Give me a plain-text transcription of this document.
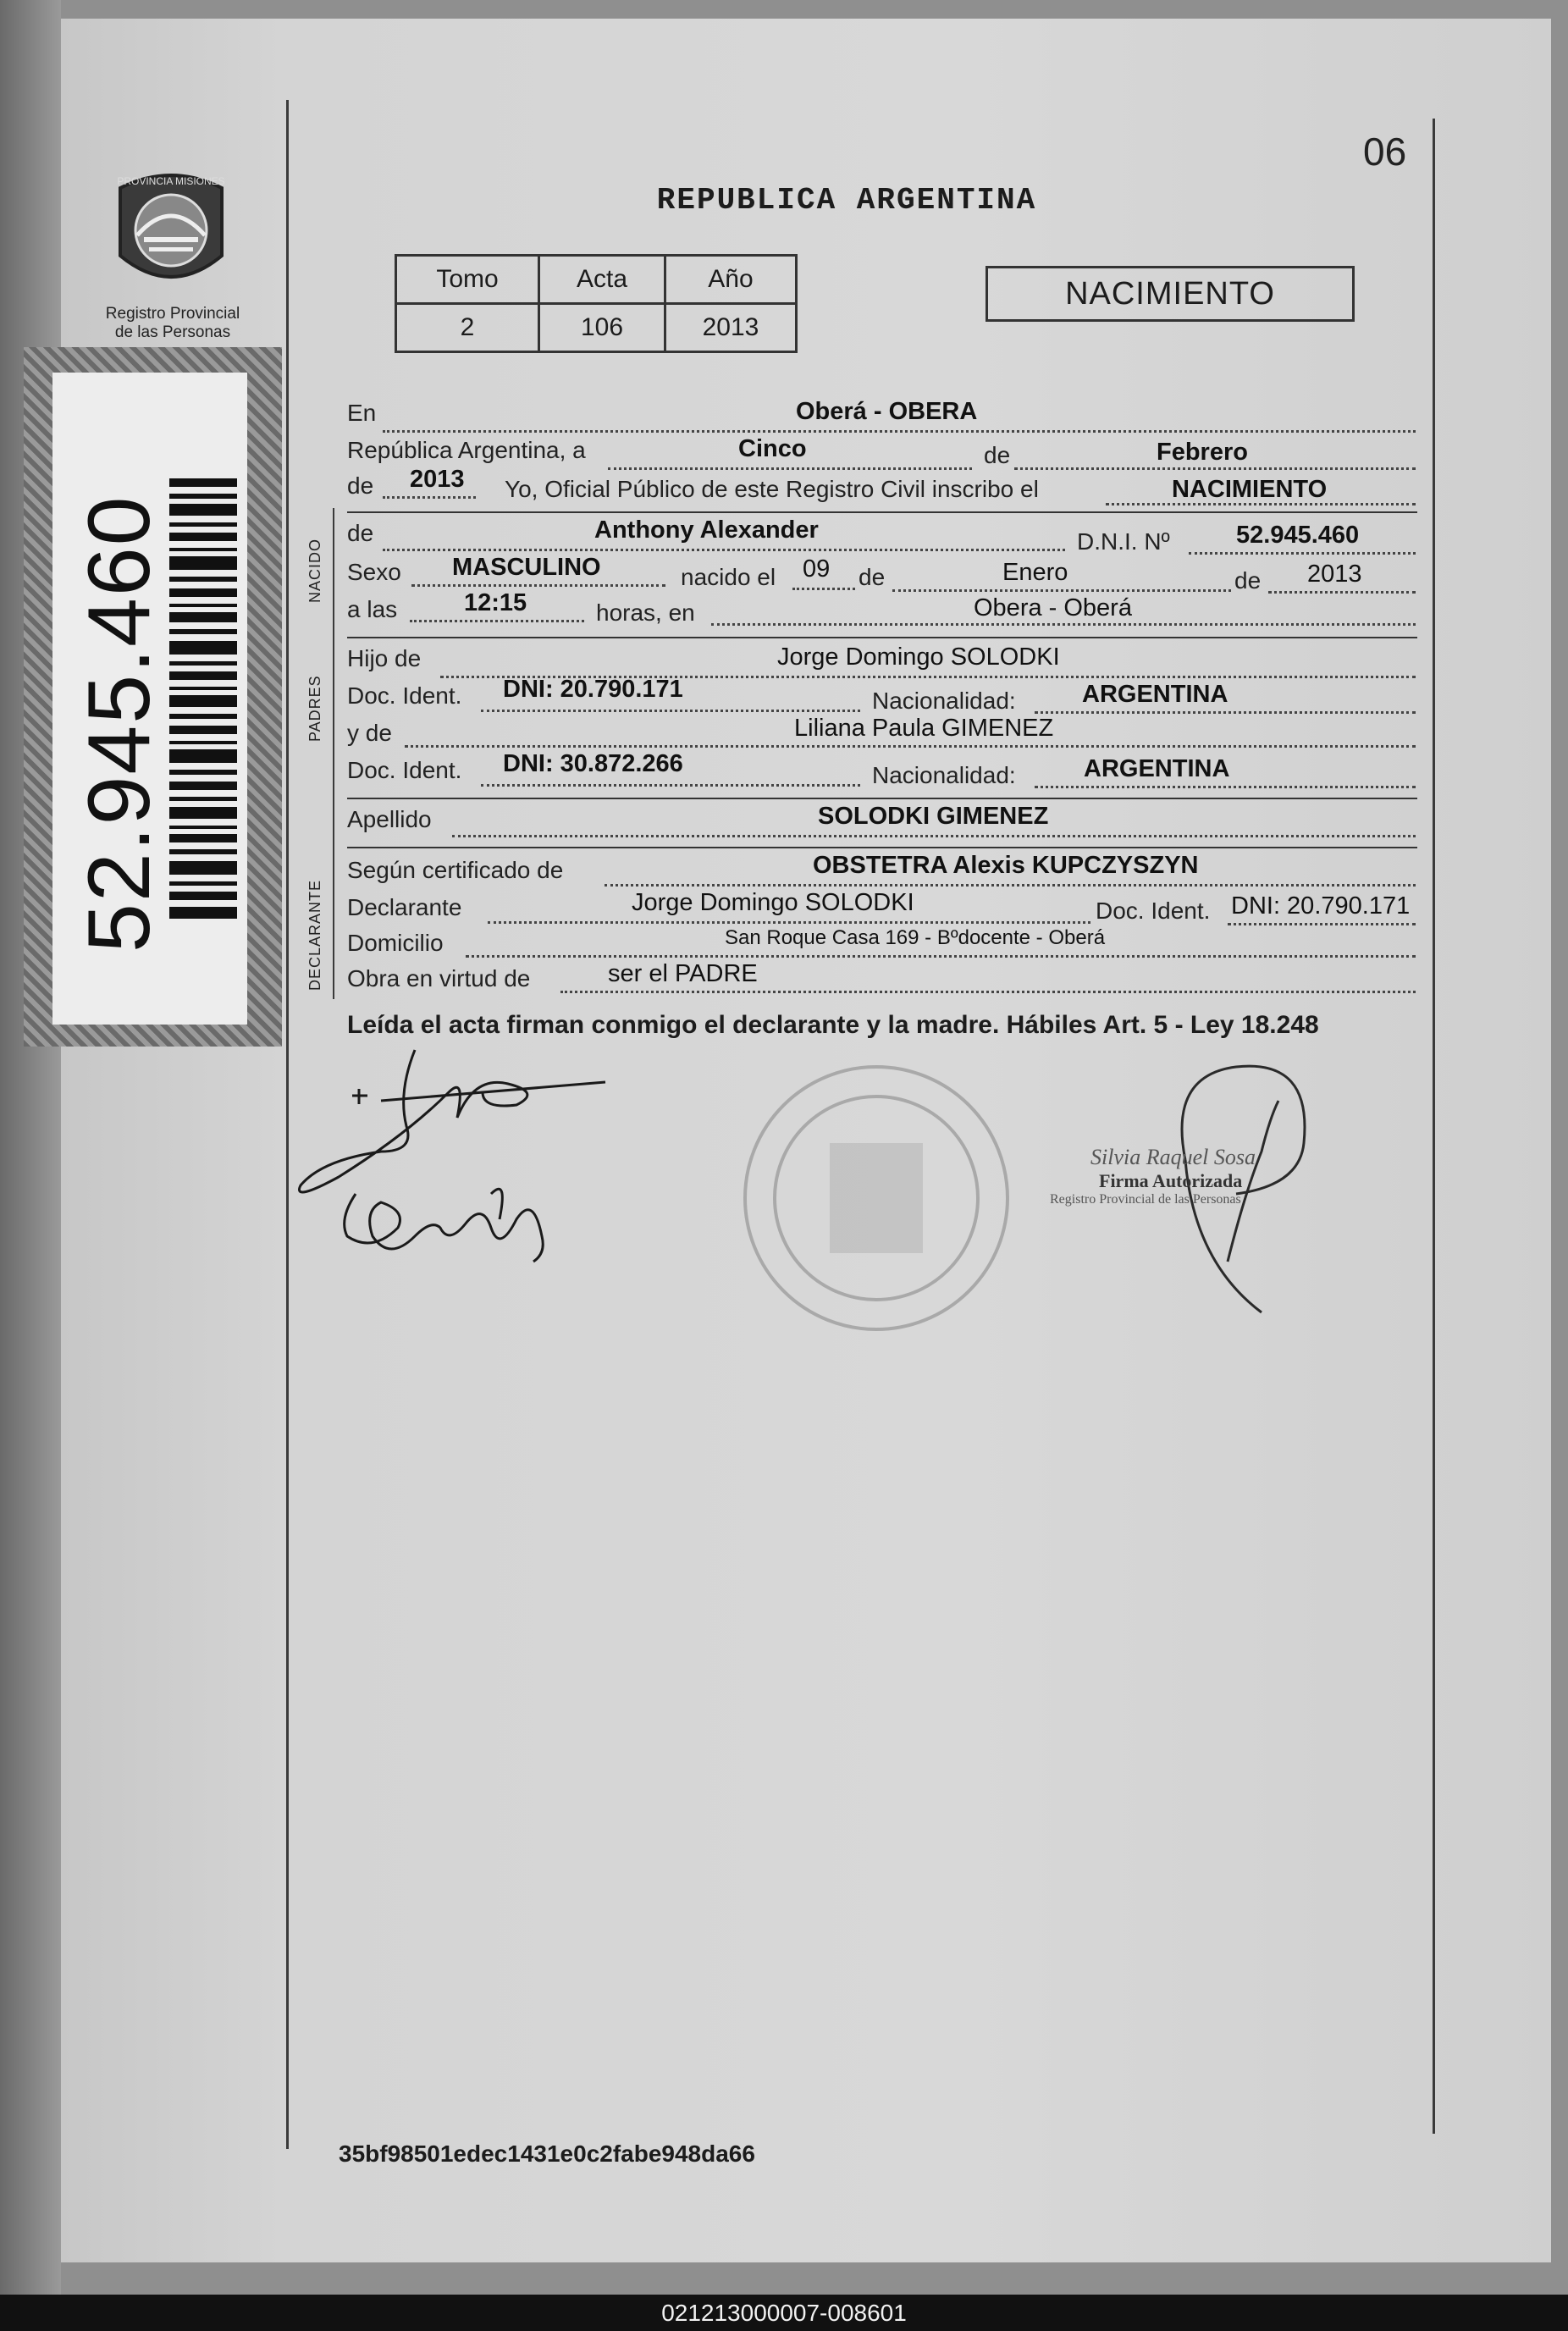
PROVINCIA MISIONES
Registro Provincial
de las Personas
52.945.460
06
REPUBLICA ARGENTINA
Tomo	Acta	Año
2	106	2013
NACIMIENTO
NACIDO
PADRES
DECLARANTE
En	Oberá - OBERA
República Argentina, a	Cinco	de	Febrero
de 2013 Yo, Oficial Público de este Registro Civil inscribo el	NACIMIENTO
de	Anthony Alexander	D.N.I. Nº	52.945.460
Sexo MASCULINO	nacido el 09 de	Enero	de 2013
a las	12:15	horas, en	Obera - Oberá
Hijo de	Jorge Domingo SOLODKI
Doc. Ident. DNI: 20.790.171	Nacionalidad:	ARGENTINA
y de	Liliana Paula GIMENEZ
Doc. Ident. DNI: 30.872.266	Nacionalidad:	ARGENTINA
Apellido	SOLODKI GIMENEZ
Según certificado de	OBSTETRA Alexis KUPCZYSZYN
Declarante	Jorge Domingo SOLODKI	Doc. Ident. DNI: 20.790.171
Domicilio	San Roque Casa 169 - Bºdocente - Oberá
Obra en virtud de	ser el PADRE
Leída el acta firman conmigo el declarante y la madre. Hábiles Art. 5 - Ley 18.248
Silvia Raquel Sosa
Firma Autorizada
Registro Provincial de las Personas
35bf98501edec1431e0c2fabe948da66
021213000007-008601
